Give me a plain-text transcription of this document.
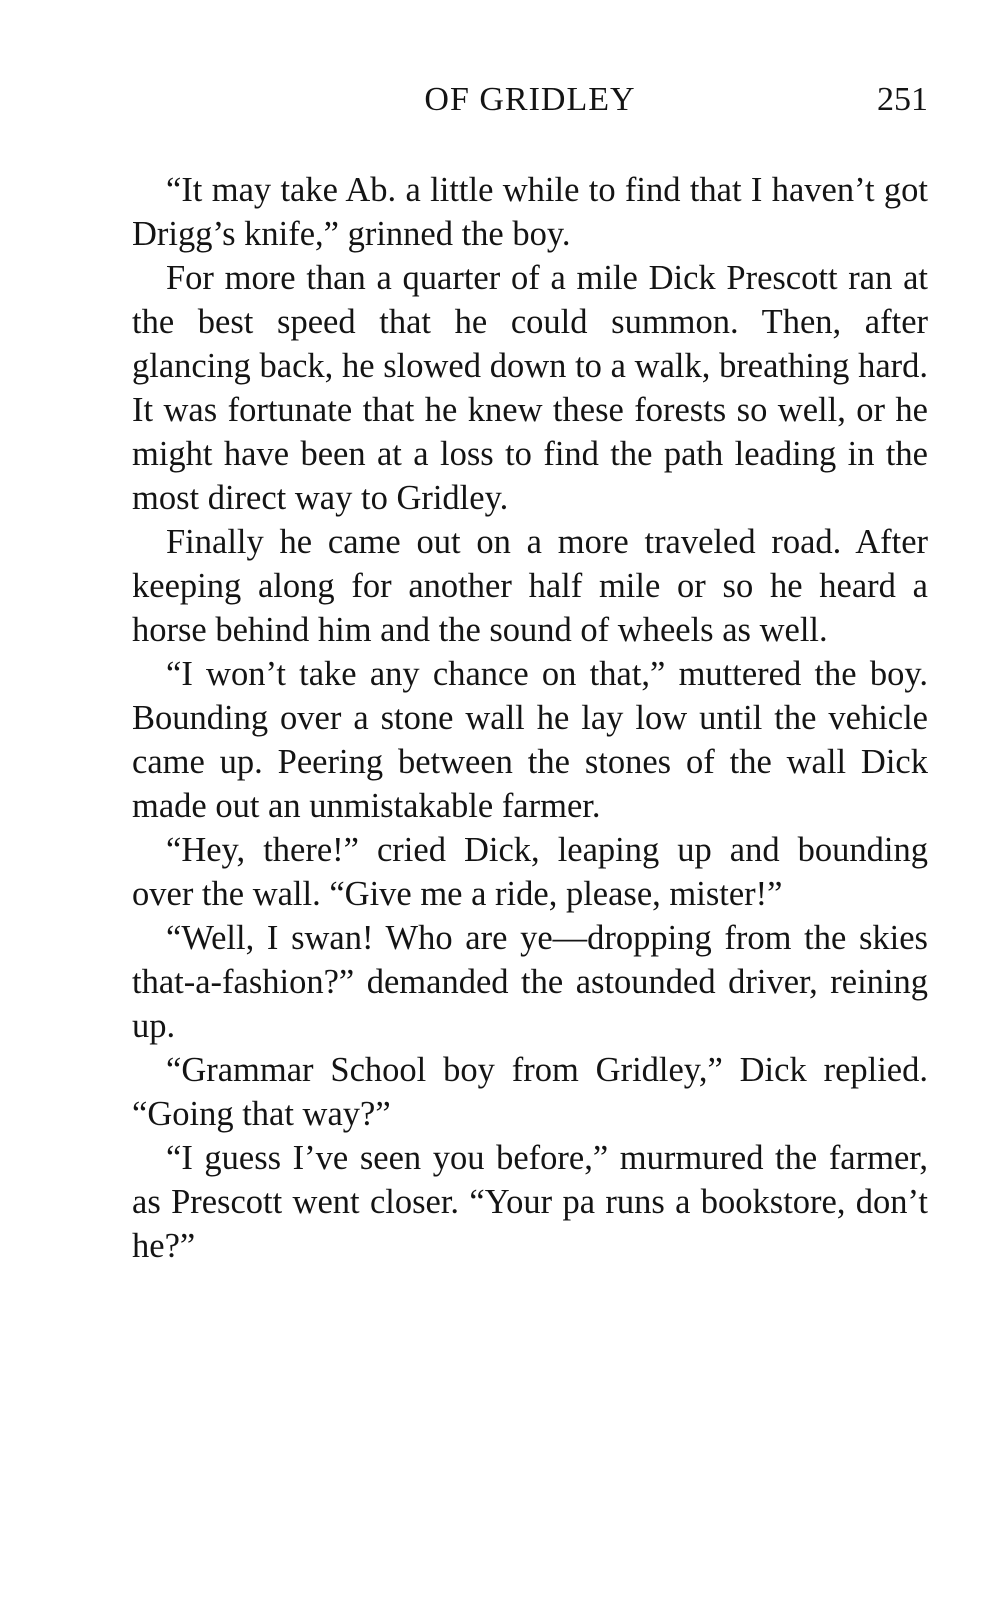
OF GRIDLEY	251

“It may take Ab. a little while to find that I haven’t got Drigg’s knife,” grinned the boy.

For more than a quarter of a mile Dick Prescott ran at the best speed that he could summon. Then, after glancing back, he slowed down to a walk, breathing hard. It was fortunate that he knew these forests so well, or he might have been at a loss to find the path leading in the most direct way to Gridley.

Finally he came out on a more traveled road. After keeping along for another half mile or so he heard a horse behind him and the sound of wheels as well.

“I won’t take any chance on that,” muttered the boy. Bounding over a stone wall he lay low until the vehicle came up. Peering between the stones of the wall Dick made out an unmistakable farmer.

“Hey, there!” cried Dick, leaping up and bounding over the wall. “Give me a ride, please, mister!”

“Well, I swan! Who are ye—dropping from the skies that-a-fashion?” demanded the astounded driver, reining up.

“Grammar School boy from Gridley,” Dick replied. “Going that way?”

“I guess I’ve seen you before,” murmured the farmer, as Prescott went closer. “Your pa runs a bookstore, don’t he?”
